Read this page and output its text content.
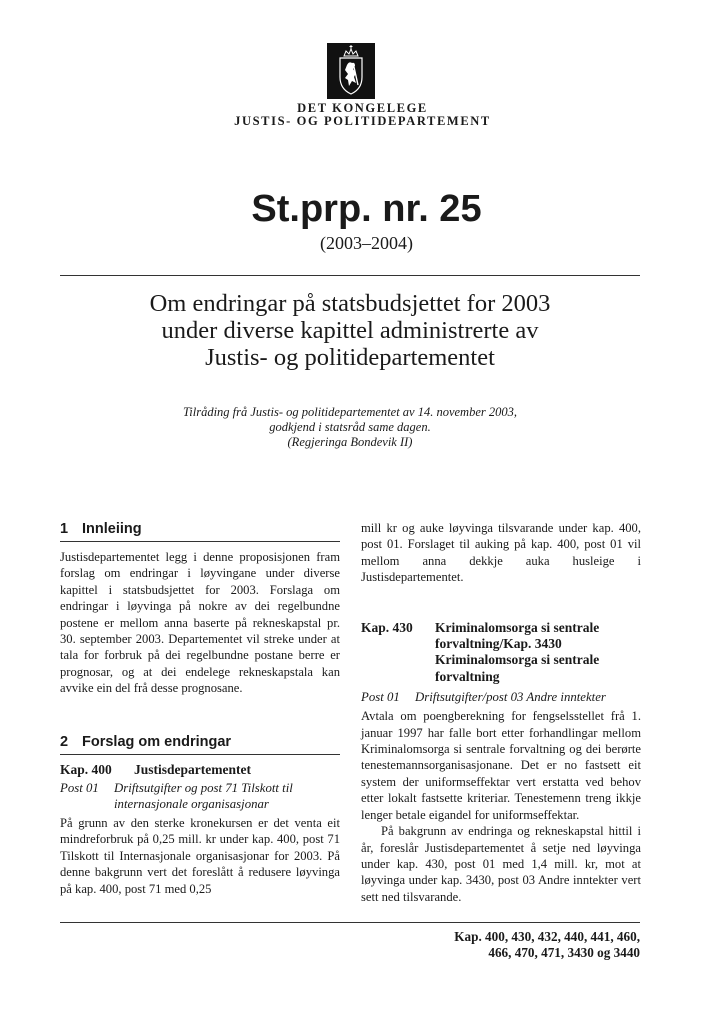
DET KONGELEGE
JUSTIS- OG POLITIDEPARTEMENT
St.prp. nr. 25
(2003–2004)
Om endringar på statsbudsjettet for 2003
under diverse kapittel administrerte av
Justis- og politidepartementet
Tilråding frå Justis- og politidepartementet av 14. november 2003,
godkjend i statsråd same dagen.
(Regjeringa Bondevik II)
1 Innleiing

Justisdepartementet legg i denne proposisjonen fram forslag om endringar i løyvingane under diverse kapittel i statsbudsjettet for 2003. Forslaga om endringar i løyvinga på nokre av dei regelbundne postene er mellom anna baserte på rekneskapstal pr. 30. september 2003. Departementet vil streke under at tala for forbruk på dei regelbundne postane berre er prognosar, og at dei endelege rekneskapstala kan avvike ein del frå desse prognosane.

2 Forslag om endringar
Kap. 400	Justisdepartementet
Post 01	Driftsutgifter og post 71 Tilskott til internasjonale organisasjonar

På grunn av den sterke kronekursen er det venta eit mindreforbruk på 0,25 mill. kr under kap. 400, post 71 Tilskott til Internasjonale organisasjonar for 2003. På denne bakgrunn vert det foreslått å redusere løyvinga på kap. 400, post 71 med 0,25

mill kr og auke løyvinga tilsvarande under kap. 400, post 01. Forslaget til auking på kap. 400, post 01 vil mellom anna dekkje auka husleige i Justisdepartementet.

Kap. 430	Kriminalomsorga si sentrale forvaltning/Kap. 3430 Kriminalomsorga si sentrale forvaltning
Post 01	Driftsutgifter/post 03 Andre inntekter

Avtala om poengberekning for fengselsstellet frå 1. januar 1997 har falle bort etter forhandlingar mellom Kriminalomsorga si sentrale forvaltning og dei berørte tenestemannsorganisasjonane. Det er no fastsett eit system der uniformseffektar vert erstatta ved behov etter lokalt fastsette kriteriar. Tenestemenn treng ikkje lenger betale eigandel for uniformseffektar.

På bakgrunn av endringa og rekneskapstal hittil i år, foreslår Justisdepartementet å setje ned løyvinga under kap. 430, post 01 med 1,4 mill. kr, mot at løyvinga under kap. 3430, post 03 Andre inntekter vert sett ned tilsvarande.

Kap. 400, 430, 432, 440, 441, 460,
466, 470, 471, 3430 og 3440
